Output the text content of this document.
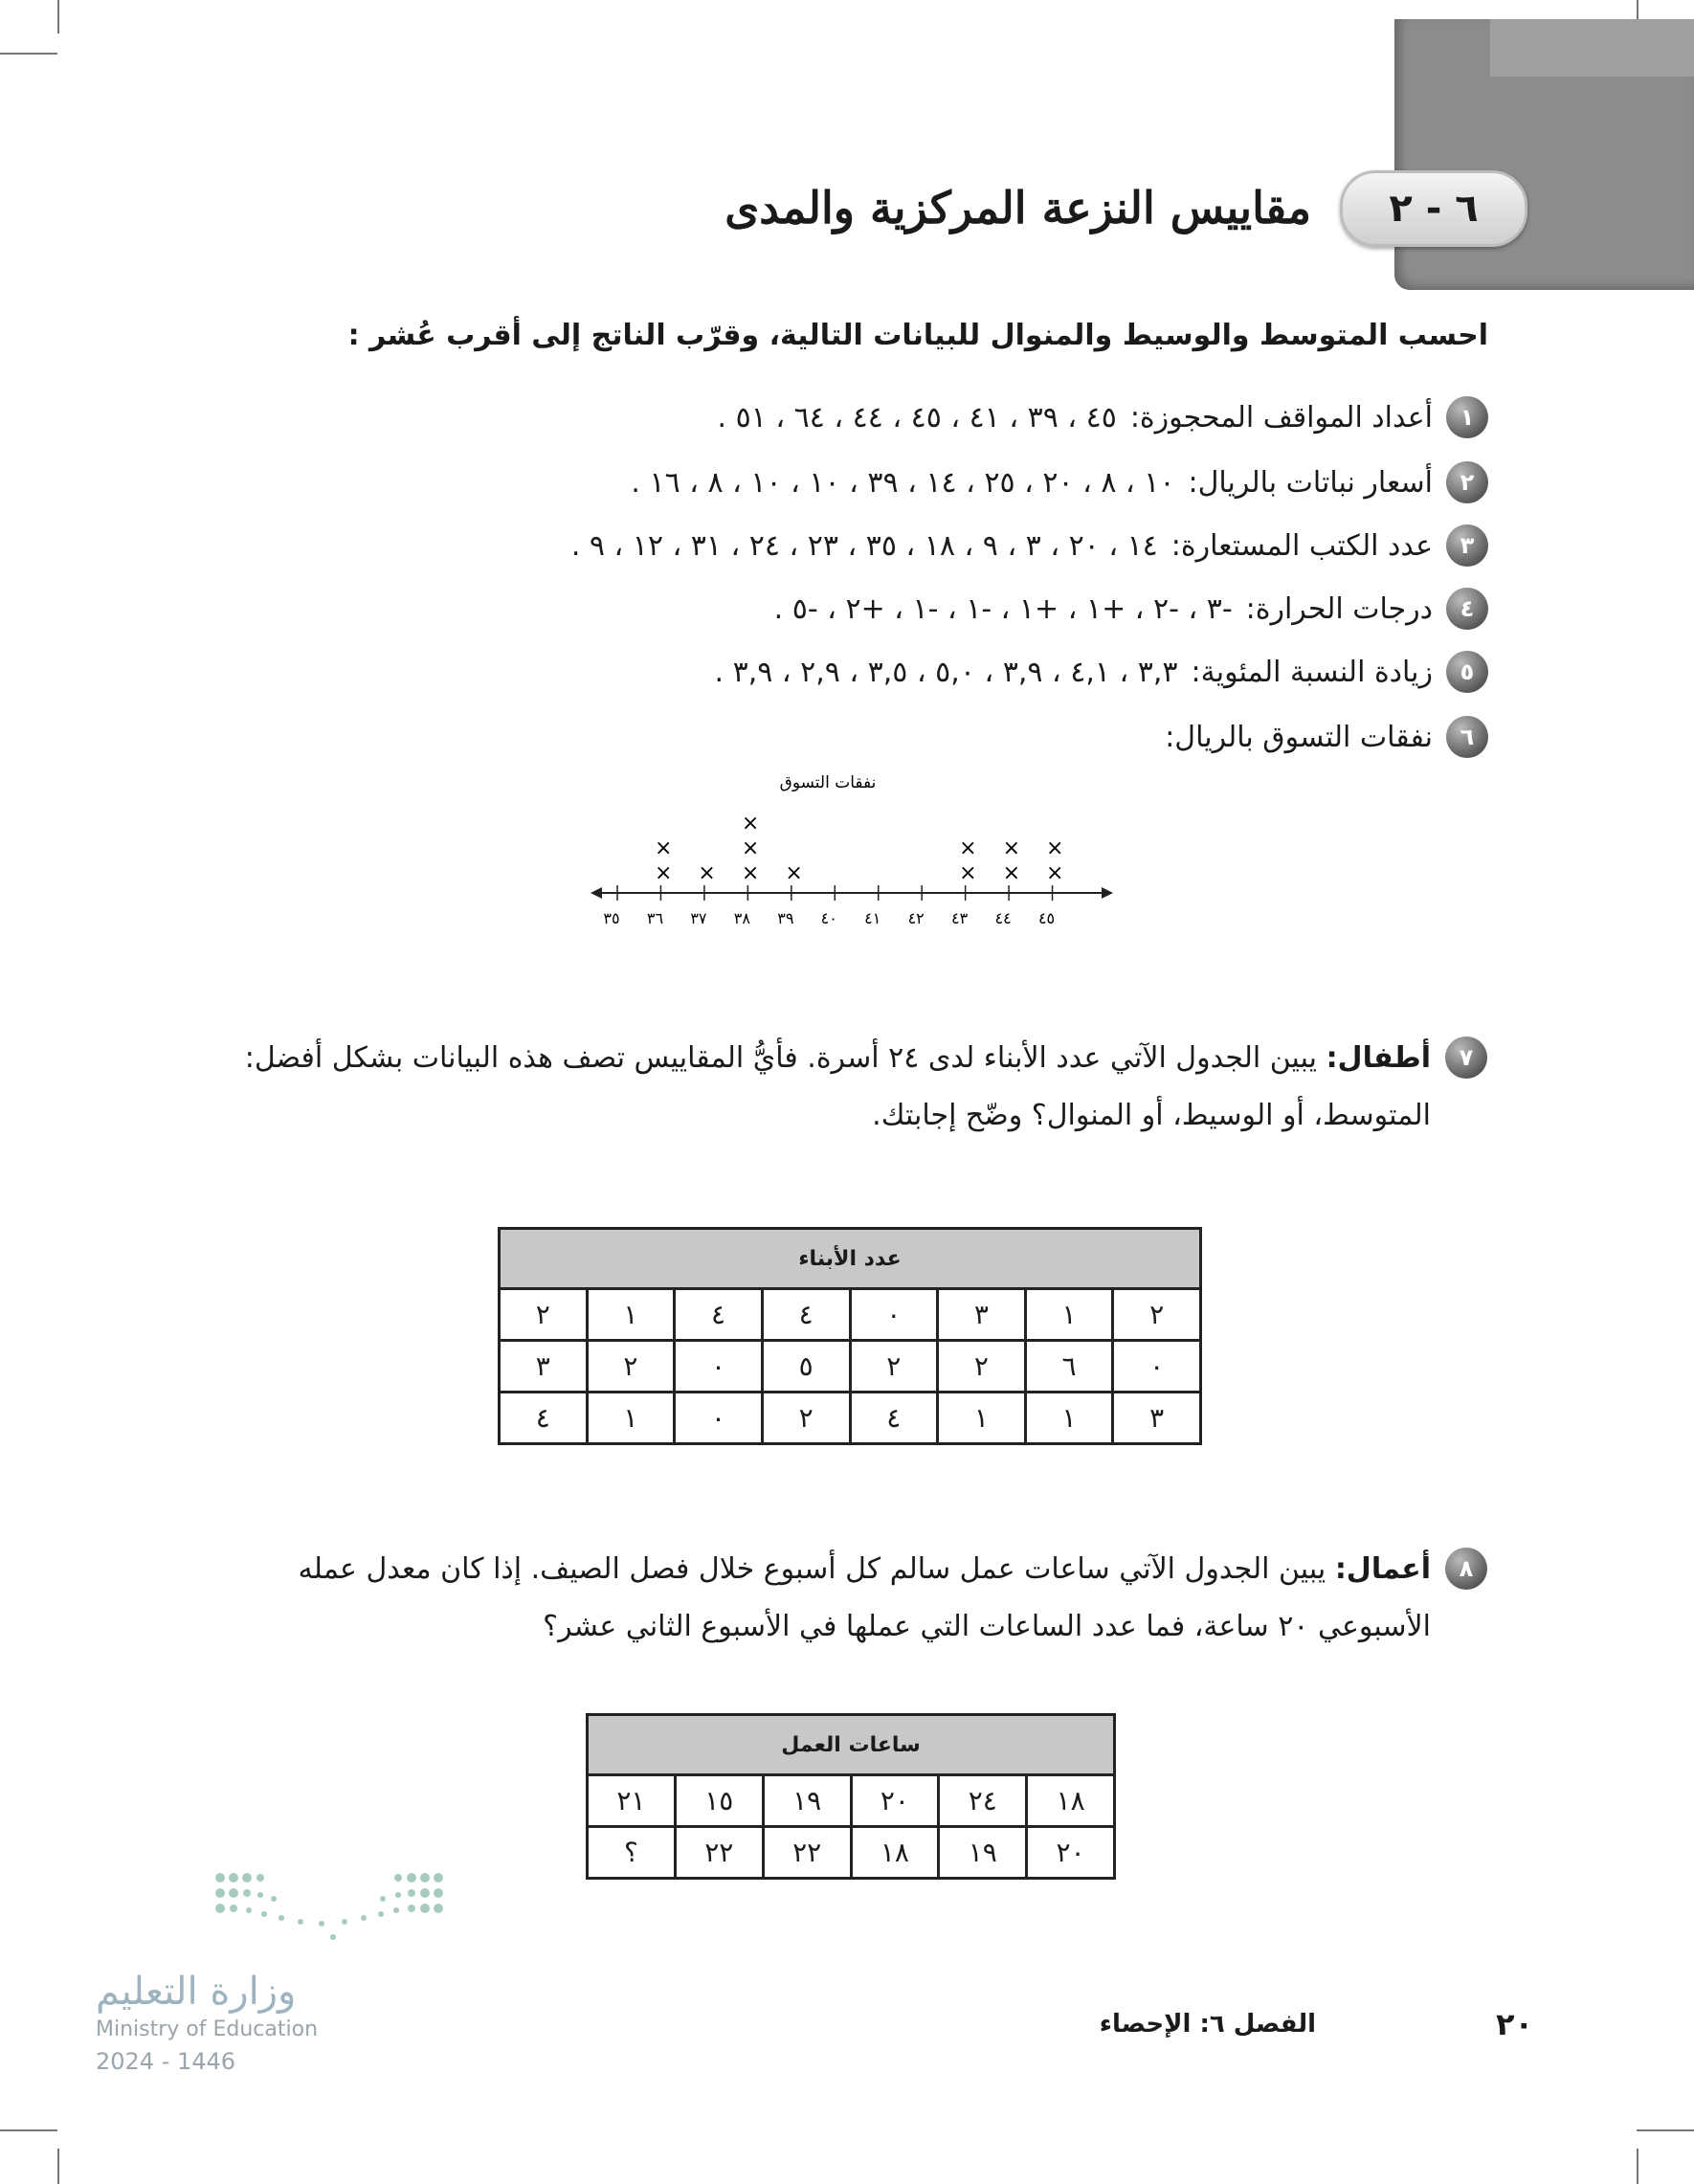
٦ - ٢
مقاييس النزعة المركزية والمدى
احسب المتوسط والوسيط والمنوال للبيانات التالية، وقرّب الناتج إلى أقرب عُشر :
١
أعداد المواقف المحجوزة:
٤٥ ، ٣٩ ، ٤١ ، ٤٥ ، ٤٤ ، ٦٤ ، ٥١ .
٢
أسعار نباتات بالريال:
١٠ ، ٨ ، ٢٠ ، ٢٥ ، ١٤ ، ٣٩ ، ١٠ ، ١٠ ، ٨ ، ١٦ .
٣
عدد الكتب المستعارة:
١٤ ، ٢٠ ، ٣ ، ٩ ، ١٨ ، ٣٥ ، ٢٣ ، ٢٤ ، ٣١ ، ١٢ ، ٩ .
٤
درجات الحرارة:
-٣ ، -٢ ، +١ ، +١ ، -١ ، -١ ، +٢ ، -٥ .
٥
زيادة النسبة المئوية:
٣,٣ ، ٤,١ ، ٣,٩ ، ٥,٠ ، ٣,٥ ، ٢,٩ ، ٣,٩ .
٦
نفقات التسوق بالريال:
نفقات التسوق
٣٥ ٣٦ ٣٧ ٣٨ ٣٩ ٤٠ ٤١ ٤٢ ٤٣ ٤٤ ٤٥
×
×
× ×
×
×
×	×
×
×
×
×
×
٧
أطفال: يبين الجدول الآتي عدد الأبناء لدى ٢٤ أسرة. فأيُّ المقاييس تصف هذه البيانات بشكل أفضل: المتوسط، أو الوسيط، أو المنوال؟ وضّح إجابتك.
عدد الأبناء							
٢	١	٣	٠	٤	٤	١	٢
٠	٦	٢	٢	٥	٠	٢	٣
٣	١	١	٤	٢	٠	١	٤
٨
أعمال: يبين الجدول الآتي ساعات عمل سالم كل أسبوع خلال فصل الصيف. إذا كان معدل عمله الأسبوعي ٢٠ ساعة، فما عدد الساعات التي عملها في الأسبوع الثاني عشر؟
ساعات العمل					
١٨	٢٤	٢٠	١٩	١٥	٢١
٢٠	١٩	١٨	٢٢	٢٢	؟
وزارة التعليم
Ministry of Education
2024 - 1446
الفصل ٦: الإحصاء	٢٠
